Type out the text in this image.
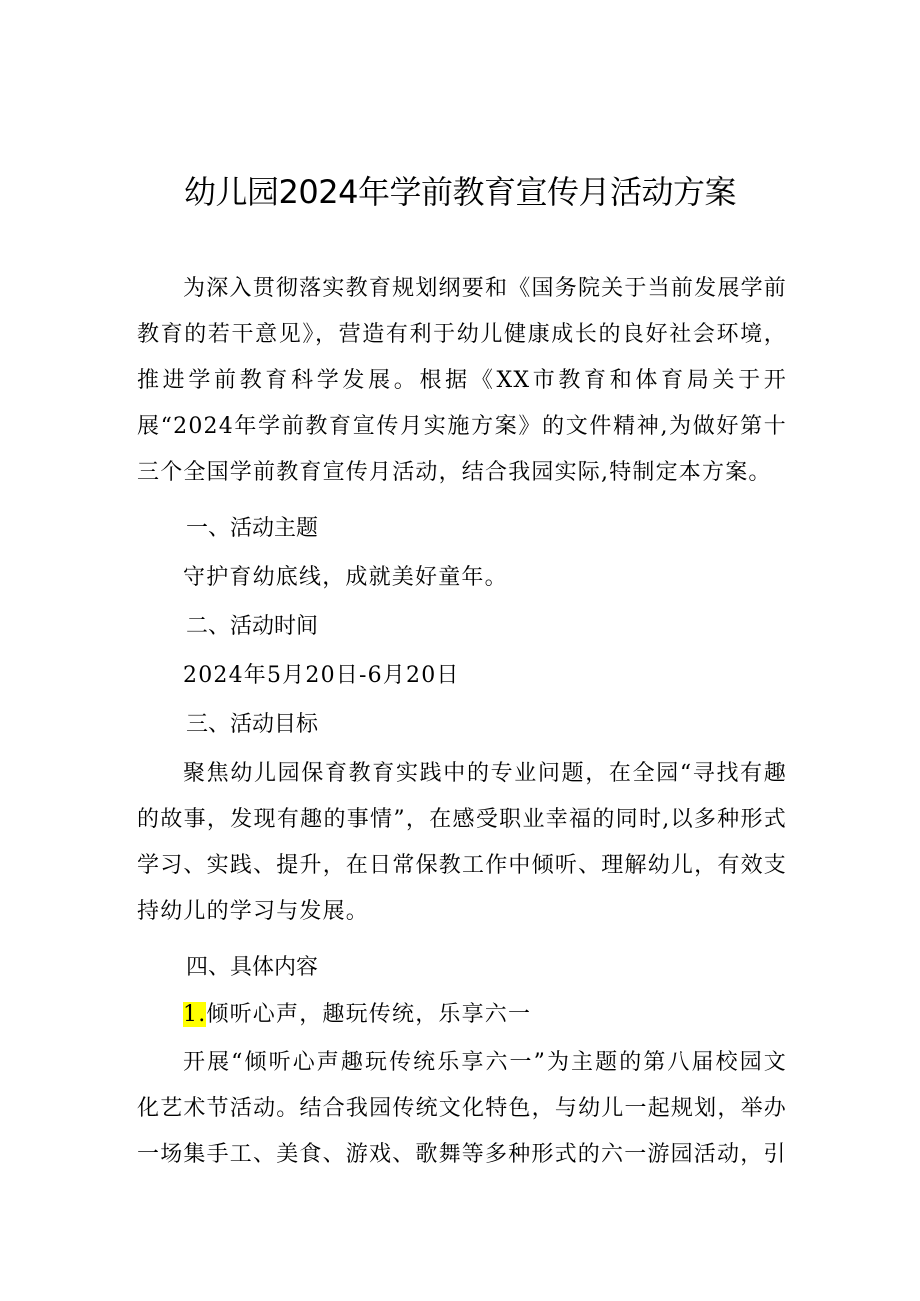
幼儿园2024年学前教育宣传月活动方案
为深入贯彻落实教育规划纲要和《国务院关于当前发展学前教育的若干意见》，营造有利于幼儿健康成长的良好社会环境，推进学前教育科学发展。根据《XX市教育和体育局关于开展“2024年学前教育宣传月实施方案》的文件精神,为做好第十三个全国学前教育宣传月活动，结合我园实际,特制定本方案。
一、活动主题
守护育幼底线，成就美好童年。
二、活动时间
2024年5月20日-6月20日
三、活动目标
聚焦幼儿园保育教育实践中的专业问题，在全园“寻找有趣的故事，发现有趣的事情”，在感受职业幸福的同时,以多种形式学习、实践、提升，在日常保教工作中倾听、理解幼儿，有效支持幼儿的学习与发展。
四、具体内容
1.倾听心声，趣玩传统，乐享六一
开展“倾听心声趣玩传统乐享六一”为主题的第八届校园文化艺术节活动。结合我园传统文化特色，与幼儿一起规划，举办一场集手工、美食、游戏、歌舞等多种形式的六一游园活动，引
